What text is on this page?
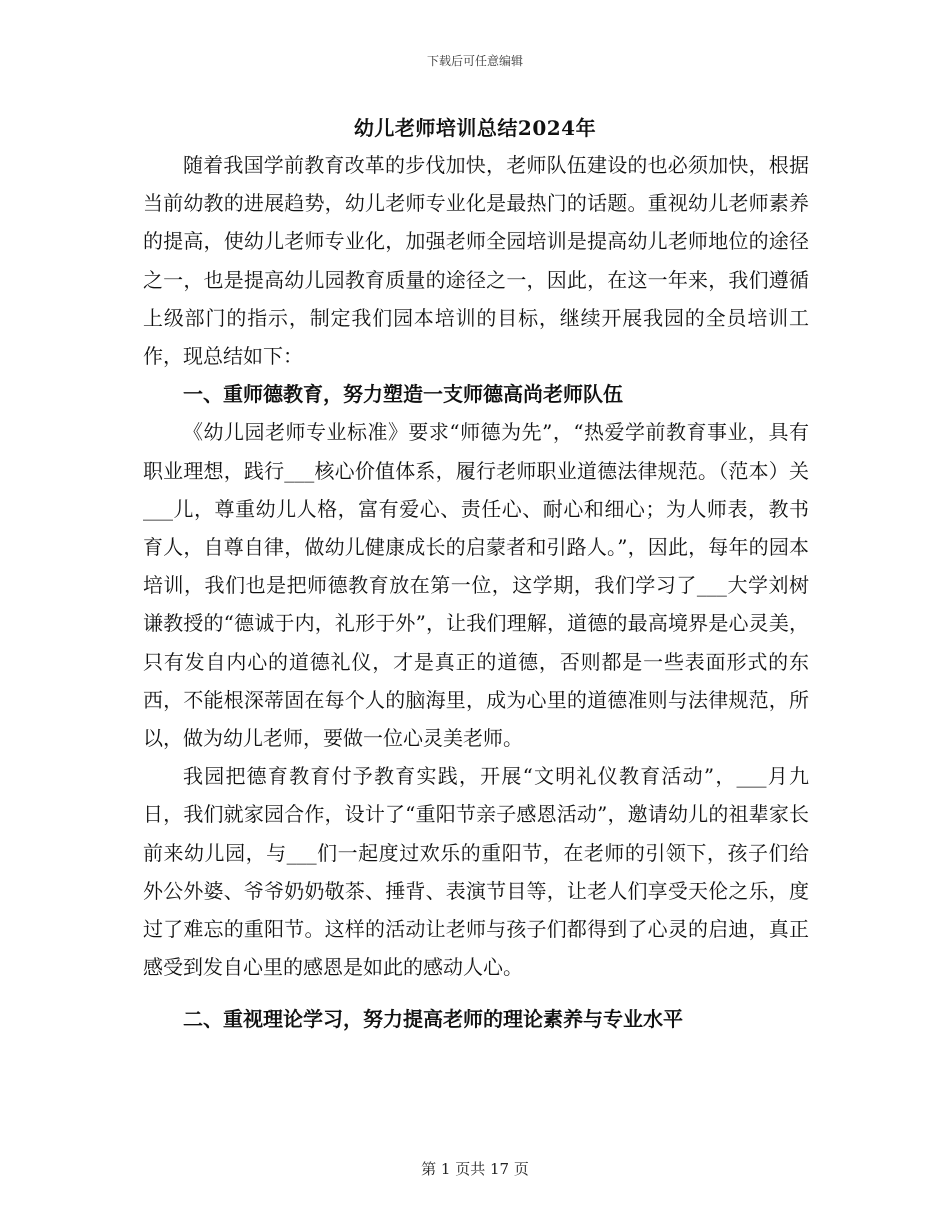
下载后可任意编辑
幼儿老师培训总结2024年

随着我国学前教育改革的步伐加快，老师队伍建设的也必须加快，根据当前幼教的进展趋势，幼儿老师专业化是最热门的话题。重视幼儿老师素养的提高，使幼儿老师专业化，加强老师全园培训是提高幼儿老师地位的途径之一，也是提高幼儿园教育质量的途径之一，因此，在这一年来，我们遵循上级部门的指示，制定我们园本培训的目标，继续开展我园的全员培训工作，现总结如下：

一、重师德教育，努力塑造一支师德高尚老师队伍

《幼儿园老师专业标准》要求“师德为先”，“热爱学前教育事业，具有职业理想，践行___核心价值体系，履行老师职业道德法律规范。（范本）关___儿，尊重幼儿人格，富有爱心、责任心、耐心和细心；为人师表，教书育人，自尊自律，做幼儿健康成长的启蒙者和引路人。”，因此，每年的园本培训，我们也是把师德教育放在第一位，这学期，我们学习了___大学刘树谦教授的“德诚于内，礼形于外”，让我们理解，道德的最高境界是心灵美，只有发自内心的道德礼仪，才是真正的道德，否则都是一些表面形式的东西，不能根深蒂固在每个人的脑海里，成为心里的道德准则与法律规范，所以，做为幼儿老师，要做一位心灵美老师。

我园把德育教育付予教育实践，开展“文明礼仪教育活动”，___月九日，我们就家园合作，设计了“重阳节亲子感恩活动”，邀请幼儿的祖辈家长前来幼儿园，与___们一起度过欢乐的重阳节，在老师的引领下，孩子们给外公外婆、爷爷奶奶敬茶、捶背、表演节目等，让老人们享受天伦之乐，度过了难忘的重阳节。这样的活动让老师与孩子们都得到了心灵的启迪，真正感受到发自心里的感恩是如此的感动人心。

二、重视理论学习，努力提高老师的理论素养与专业水平

第 1 页共 17 页
